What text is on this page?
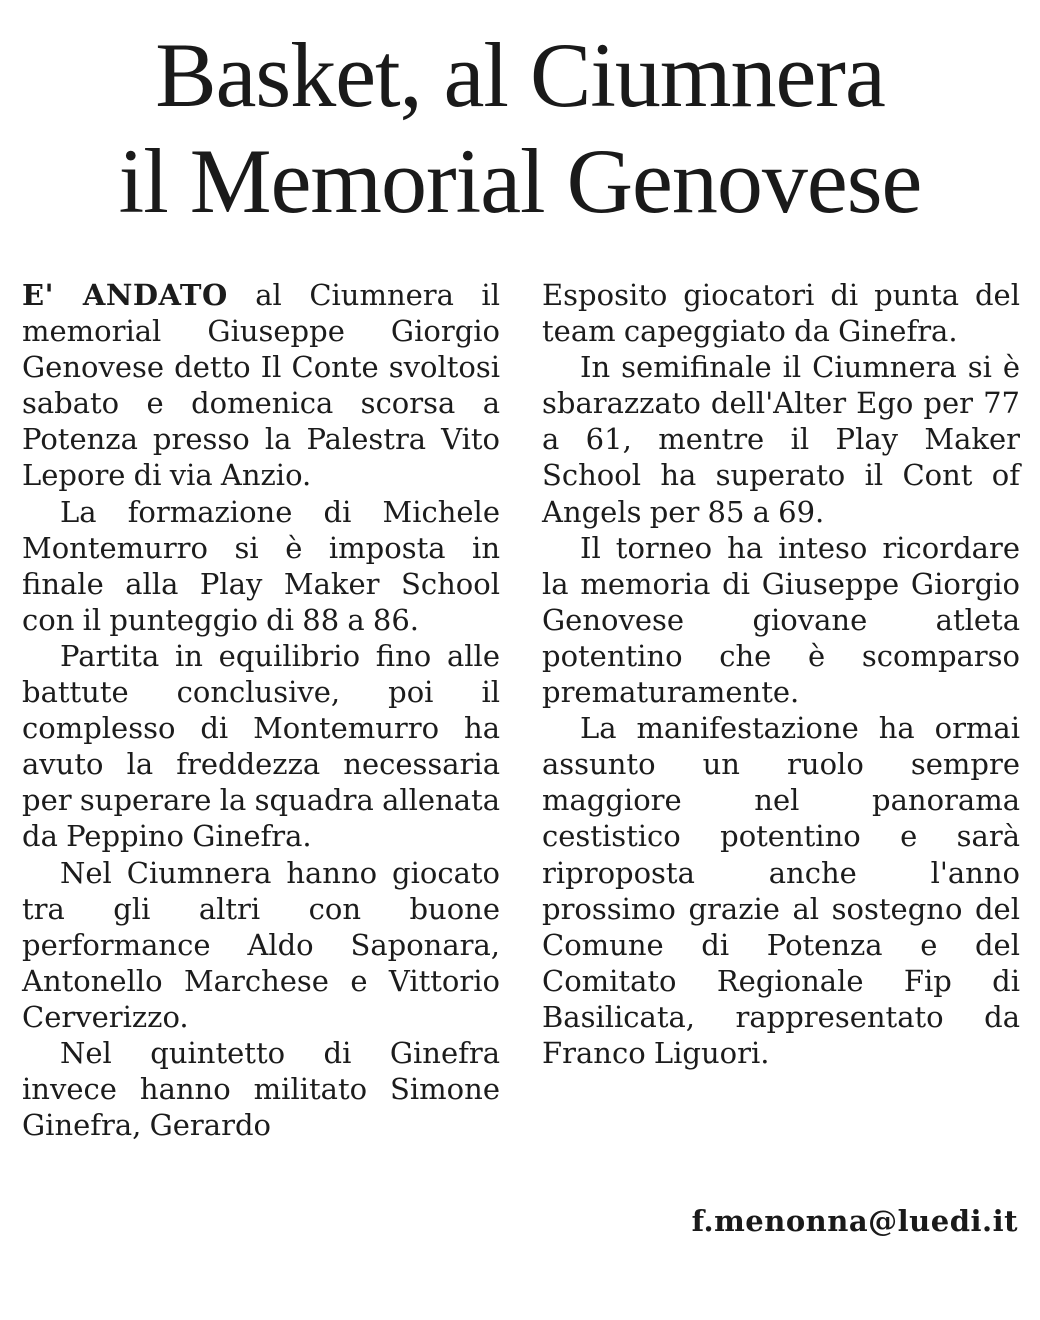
Basket, al Ciumnera
il Memorial Genovese

E' ANDATO al Ciumnera il memorial Giuseppe Giorgio Genovese detto Il Conte svoltosi sabato e domenica scorsa a Potenza presso la Palestra Vito Lepore di via Anzio.

La formazione di Michele Montemurro si è imposta in finale alla Play Maker School con il punteggio di 88 a 86.

Partita in equilibrio fino alle battute conclusive, poi il complesso di Montemurro ha avuto la freddezza necessaria per superare la squadra allenata da Peppino Ginefra.

Nel Ciumnera hanno giocato tra gli altri con buone performance Aldo Saponara, Antonello Marchese e Vittorio Cerverizzo.

Nel quintetto di Ginefra invece hanno militato Simone Ginefra, Gerardo

Esposito giocatori di punta del team capeggiato da Ginefra.

In semifinale il Ciumnera si è sbarazzato dell'Alter Ego per 77 a 61, mentre il Play Maker School ha superato il Cont of Angels per 85 a 69.

Il torneo ha inteso ricordare la memoria di Giuseppe Giorgio Genovese giovane atleta potentino che è scomparso prematuramente.

La manifestazione ha ormai assunto un ruolo sempre maggiore nel panorama cestistico potentino e sarà riproposta anche l'anno prossimo grazie al sostegno del Comune di Potenza e del Comitato Regionale Fip di Basilicata, rappresentato da Franco Liguori.

f.menonna@luedi.it
